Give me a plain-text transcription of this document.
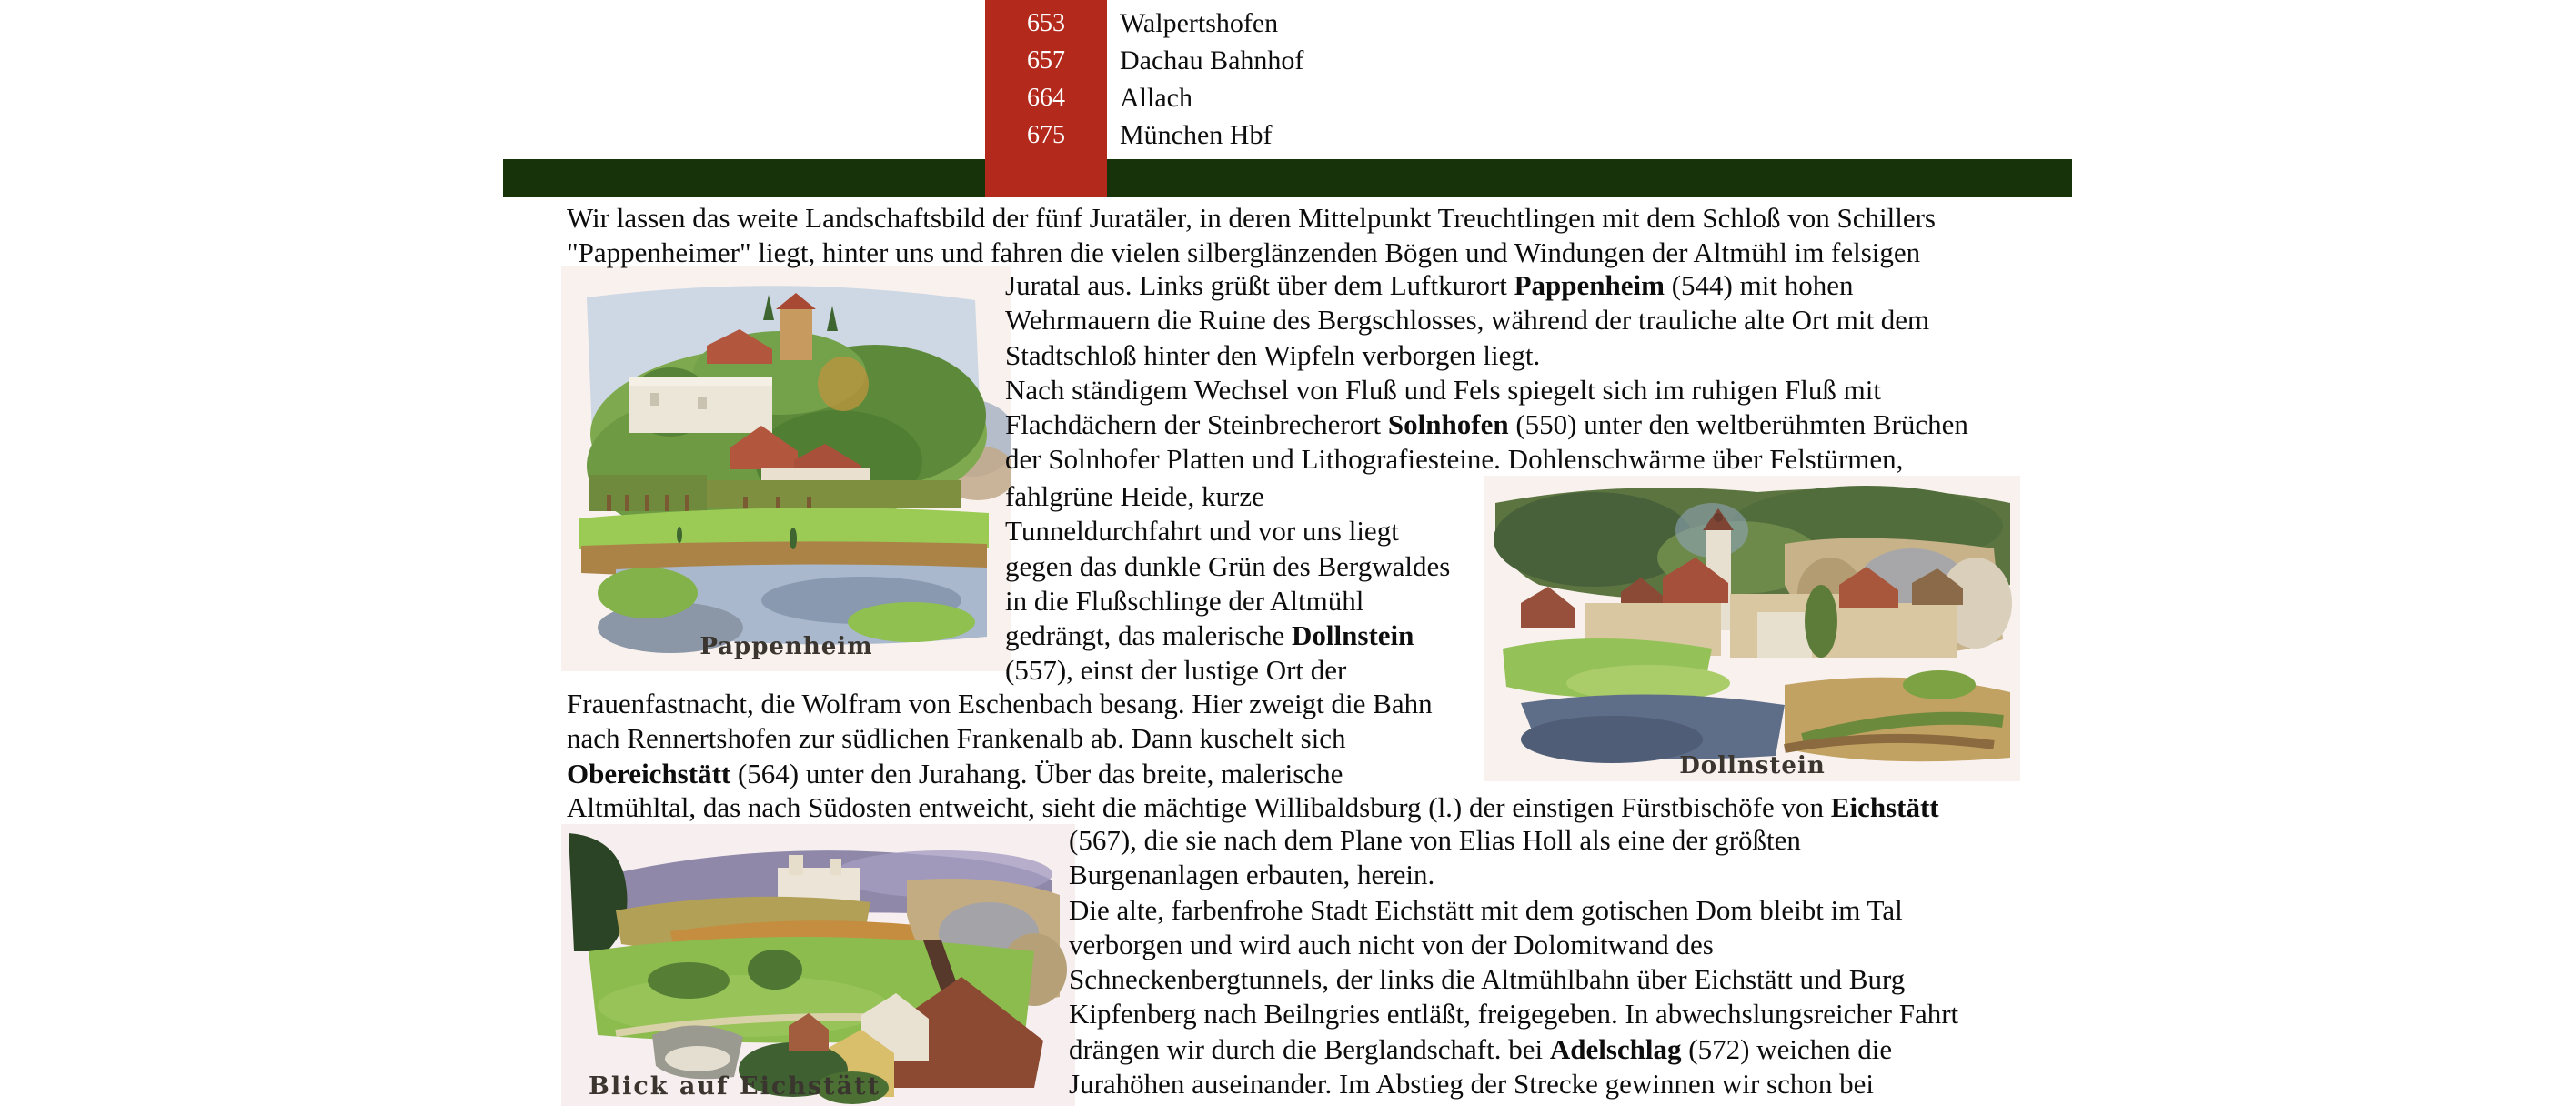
653	Walpertshofen
657	Dachau Bahnhof
664	Allach
675	München Hbf
Wir lassen das weite Landschaftsbild der fünf Juratäler, in deren Mittelpunkt Treuchtlingen mit dem Schloß von Schillers
"Pappenheimer" liegt, hinter uns und fahren die vielen silberglänzenden Bögen und Windungen der Altmühl im felsigen
Juratal aus. Links grüßt über dem Luftkurort Pappenheim (544) mit hohen
Wehrmauern die Ruine des Bergschlosses, während der trauliche alte Ort mit dem
Stadtschloß hinter den Wipfeln verborgen liegt.
Nach ständigem Wechsel von Fluß und Fels spiegelt sich im ruhigen Fluß mit
Flachdächern der Steinbrecherort Solnhofen (550) unter den weltberühmten Brüchen
der Solnhofer Platten und Lithografiesteine. Dohlenschwärme über Felstürmen,
fahlgrüne Heide, kurze
Tunneldurchfahrt und vor uns liegt
gegen das dunkle Grün des Bergwaldes
in die Flußschlinge der Altmühl
gedrängt, das malerische Dollnstein
(557), einst der lustige Ort der
Frauenfastnacht, die Wolfram von Eschenbach besang. Hier zweigt die Bahn
nach Rennertshofen zur südlichen Frankenalb ab. Dann kuschelt sich
Obereichstätt (564) unter den Jurahang. Über das breite, malerische
Altmühltal, das nach Südosten entweicht, sieht die mächtige Willibaldsburg (l.) der einstigen Fürstbischöfe von Eichstätt
(567), die sie nach dem Plane von Elias Holl als eine der größten
Burgenanlagen erbauten, herein.
Die alte, farbenfrohe Stadt Eichstätt mit dem gotischen Dom bleibt im Tal
verborgen und wird auch nicht von der Dolomitwand des
Schneckenbergtunnels, der links die Altmühlbahn über Eichstätt und Burg
Kipfenberg nach Beilngries entläßt, freigegeben. In abwechslungsreicher Fahrt
drängen wir durch die Berglandschaft. bei Adelschlag (572) weichen die
Jurahöhen auseinander. Im Abstieg der Strecke gewinnen wir schon bei
Pappenheim
Dollnstein
Blick auf Eichstätt
